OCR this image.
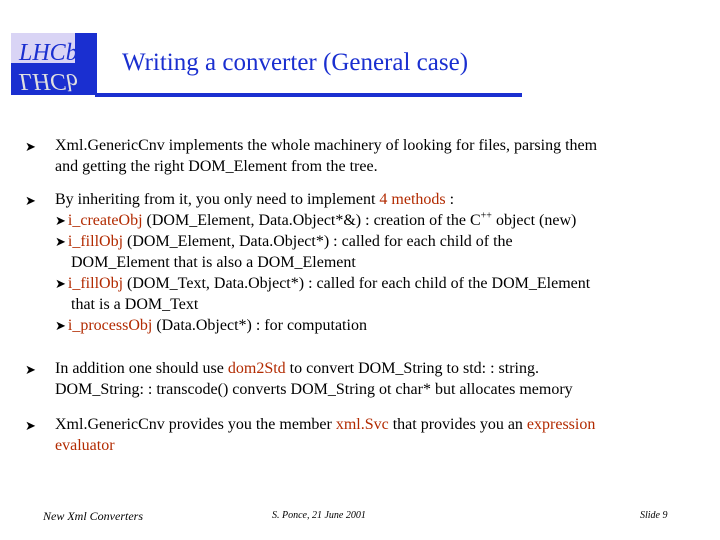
LHCb
LHCb
Writing a converter (General case)
➤ Xml.GenericCnv implements the whole machinery of looking for files, parsing them
and getting the right DOM_Element from the tree.
➤ By inheriting from it, you only need to implement 4 methods :
➤ i_createObj (DOM_Element, Data.Object*&) : creation of the C++ object (new)
➤ i_fillObj (DOM_Element, Data.Object*) : called for each child of the
DOM_Element that is also a DOM_Element
➤ i_fillObj (DOM_Text, Data.Object*) : called for each child of the DOM_Element
that is a DOM_Text
➤ i_processObj (Data.Object*) : for computation
➤ In addition one should use dom2Std to convert DOM_String to std: : string.
DOM_String: : transcode() converts DOM_String ot char* but allocates memory
➤ Xml.GenericCnv provides you the member xml.Svc that provides you an expression
evaluator
New Xml Converters	S. Ponce, 21 June 2001	Slide 9
